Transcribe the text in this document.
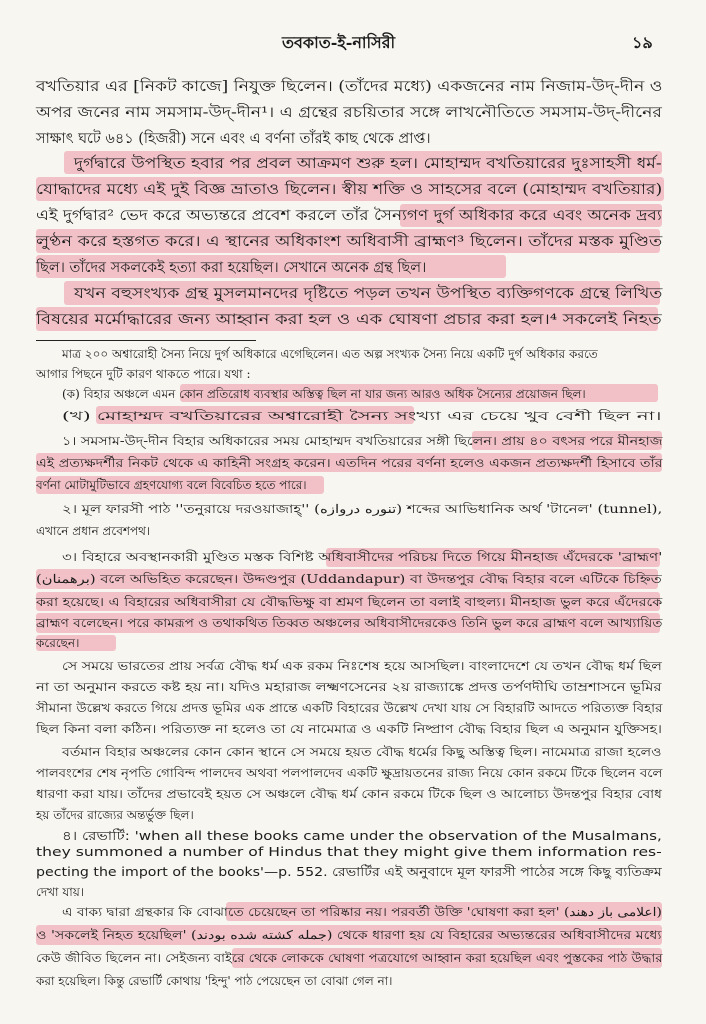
তবকাত-ই-নাসিরী	১৯
বখতিয়ার এর [নিকট কাজে] নিযুক্ত ছিলেন। (তাঁদের মধ্যে) একজনের নাম নিজাম-উদ্-দীন ও
অপর জনের নাম সমসাম-উদ্-দীন¹। এ গ্রন্থের রচয়িতার সঙ্গে লাখনৌতিতে সমসাম-উদ্-দীনের
সাক্ষাৎ ঘটে ৬৪১ (হিজরী) সনে এবং এ বর্ণনা তাঁরই কাছ থেকে প্রাপ্ত।
দুর্গদ্বারে উপস্থিত হবার পর প্রবল আক্রমণ শুরু হল। মোহাম্মদ বখতিয়ারের দুঃসাহসী ধর্ম-
যোদ্ধাদের মধ্যে এই দুই বিজ্ঞ ভ্রাতাও ছিলেন। স্বীয় শক্তি ও সাহসের বলে (মোহাম্মদ বখতিয়ার)
এই দুর্গদ্বার² ভেদ করে অভ্যন্তরে প্রবেশ করলে তাঁর সৈন্যগণ দুর্গ অধিকার করে এবং অনেক দ্রব্য
লুণ্ঠন করে হস্তগত করে। এ স্থানের অধিকাংশ অধিবাসী ব্রাহ্মণ³ ছিলেন। তাঁদের মস্তক মুণ্ডিত
ছিল। তাঁদের সকলকেই হত্যা করা হয়েছিল। সেখানে অনেক গ্রন্থ ছিল।
যখন বহুসংখ্যক গ্রন্থ মুসলমানদের দৃষ্টিতে পড়ল তখন উপস্থিত ব্যক্তিগণকে গ্রন্থে লিখিত
বিষয়ের মর্মোদ্ধারের জন্য আহ্বান করা হল ও এক ঘোষণা প্রচার করা হল।⁴ সকলেই নিহত
মাত্র ২০০ অশ্বারোহী সৈন্য নিয়ে দুর্গ অধিকারে এগেছিলেন। এত অল্প সংখ্যক সৈন্য নিয়ে একটি দুর্গ অধিকার করতে
আগার পিছনে দুটি কারণ থাকতে পারে। যথা :
(ক) বিহার অঞ্চলে এমন কোন প্রতিরোধ ব্যবস্থার অস্তিত্ব ছিল না যার জন্য আরও অধিক সৈন্যের প্রয়োজন ছিল।
(খ) মোহাম্মদ বখতিয়ারের অশ্বারোহী সৈন্য সংখ্যা এর চেয়ে খুব বেশী ছিল না।
১। সমসাম-উদ্-দীন বিহার অধিকারের সময় মোহাম্মদ বখতিয়ারের সঙ্গী ছিলেন। প্রায় ৪০ বৎসর পরে মীনহাজ
এই প্রত্যক্ষদর্শীর নিকট থেকে এ কাহিনী সংগ্রহ করেন। এতদিন পরের বর্ণনা হলেও একজন প্রত্যক্ষদর্শী হিসাবে তাঁর
বর্ণনা মোটামুটিভাবে গ্রহণযোগ্য বলে বিবেচিত হতে পারে।
২। মূল ফারসী পাঠ ''তনুরায়ে দরওয়াজাহ্'' (تنوره دروازه) শব্দের আভিধানিক অর্থ 'টানেল' (tunnel),
এখানে প্রধান প্রবেশপথ।
৩। বিহারে অবস্থানকারী মুণ্ডিত মস্তক বিশিষ্ট অধিবাসীদের পরিচয় দিতে গিয়ে মীনহাজ এঁদেরকে 'ব্রাহ্মণ'
(برهمنان) বলে অভিহিত করেছেন। উদ্দণ্ডপুর (Uddandapur) বা উদন্তপুর বৌদ্ধ বিহার বলে এটিকে চিহ্নিত
করা হয়েছে। এ বিহারের অধিবাসীরা যে বৌদ্ধভিক্ষু বা শ্রমণ ছিলেন তা বলাই বাহুল্য। মীনহাজ ভুল করে এঁদেরকে
ব্রাহ্মণ বলেছেন। পরে কামরূপ ও তথাকথিত তিব্বত অঞ্চলের অধিবাসীদেরকেও তিনি ভুল করে ব্রাহ্মণ বলে আখ্যায়িত
করেছেন।
সে সময়ে ভারতের প্রায় সর্বত্র বৌদ্ধ ধর্ম এক রকম নিঃশেষ হয়ে আসছিল। বাংলাদেশে যে তখন বৌদ্ধ ধর্ম ছিল
না তা অনুমান করতে কষ্ট হয় না। যদিও মহারাজ লক্ষ্মণসেনের ২য় রাজ্যাঙ্কে প্রদত্ত তর্পণদীঘি তাম্রশাসনে ভূমির
সীমানা উল্লেখ করতে গিয়ে প্রদত্ত ভূমির এক প্রান্তে একটি বিহারের উল্লেখ দেখা যায় সে বিহারটি আদতে পরিত্যক্ত বিহার
ছিল কিনা বলা কঠিন। পরিত্যক্ত না হলেও তা যে নামেমাত্র ও একটি নিষ্প্রাণ বৌদ্ধ বিহার ছিল এ অনুমান যুক্তিসহ।
বর্তমান বিহার অঞ্চলের কোন কোন স্থানে সে সময়ে হয়ত বৌদ্ধ ধর্মের কিছু অস্তিত্ব ছিল। নামেমাত্র রাজা হলেও
পালবংশের শেষ নৃপতি গোবিন্দ পালদেব অথবা পলপালদেব একটি ক্ষুদ্রায়তনের রাজ্য নিয়ে কোন রকমে টিকে ছিলেন বলে
ধারণা করা যায়। তাঁদের প্রভাবেই হয়ত সে অঞ্চলে বৌদ্ধ ধর্ম কোন রকমে টিকে ছিল ও আলোচ্য উদন্তপুর বিহার বোধ
হয় তাঁদের রাজ্যের অন্তর্ভুক্ত ছিল।
৪। রেভার্টি: 'when all these books came under the observation of the Musalmans,
they summoned a number of Hindus that they might give them information res-
pecting the import of the books'—p. 552. রেভার্টির এই অনুবাদে মূল ফারসী পাঠের সঙ্গে কিছু ব্যতিক্রম
দেখা যায়।
এ বাক্য দ্বারা গ্রন্থকার কি বোঝাতে চেয়েছেন তা পরিষ্কার নয়। পরবর্তী উক্তি 'ঘোষণা করা হল' (اعلامی باز دهند)
ও 'সকলেই নিহত হয়েছিল' (جمله کشته شده بودند) থেকে ধারণা হয় যে বিহারের অভ্যন্তরের অধিবাসীদের মধ্যে
কেউ জীবিত ছিলেন না। সেইজন্য বাইরে থেকে লোককে ঘোষণা পত্রযোগে আহ্বান করা হয়েছিল এবং পুস্তকের পাঠ উদ্ধার
করা হয়েছিল। কিন্তু রেভার্টি কোথায় 'হিন্দু' পাঠ পেয়েছেন তা বোঝা গেল না।
